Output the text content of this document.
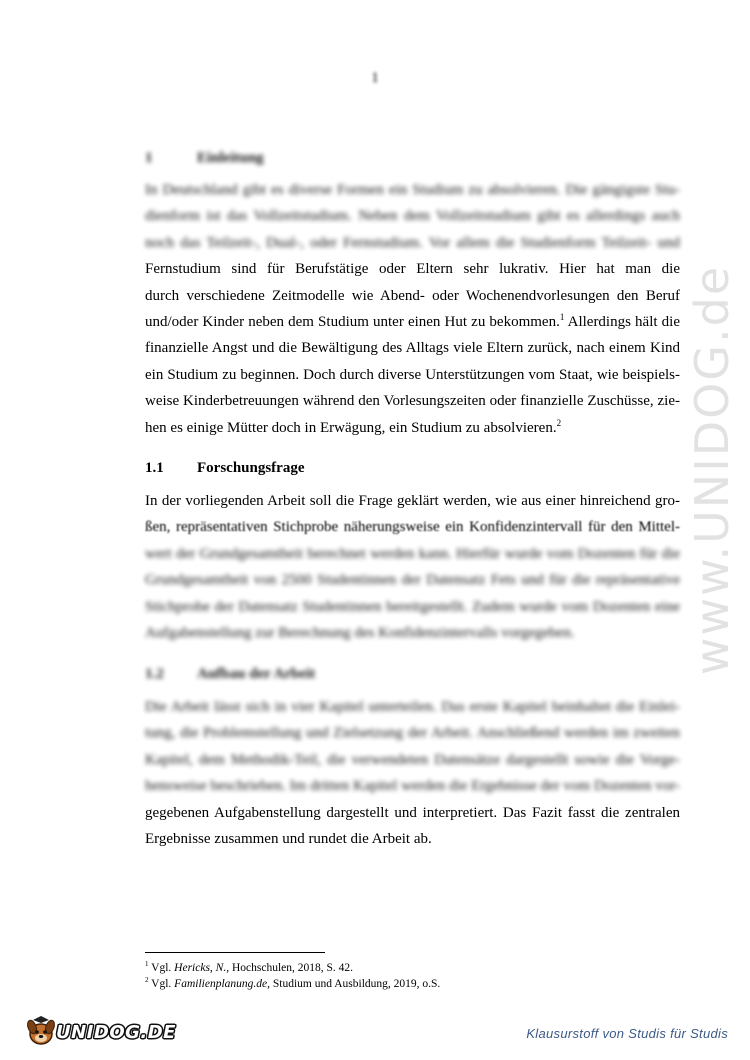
1
1	Einleitung
In Deutschland gibt es diverse Formen ein Studium zu absolvieren. Die gängigste Stu-
dienform ist das Vollzeitstudium. Neben dem Vollzeitstudium gibt es allerdings auch
noch das Teilzeit-, Dual-, oder Fernstudium. Vor allem die Studienform Teilzeit- und
Fernstudium sind für Berufstätige oder Eltern sehr lukrativ. Hier hat man die
durch verschiedene Zeitmodelle wie Abend- oder Wochenendvorlesungen den Beruf
und/oder Kinder neben dem Studium unter einen Hut zu bekommen.$^1$ Allerdings hält die
finanzielle Angst und die Bewältigung des Alltags viele Eltern zurück, nach einem Kind
ein Studium zu beginnen. Doch durch diverse Unterstützungen vom Staat, wie beispiels-
weise Kinderbetreuungen während den Vorlesungszeiten oder finanzielle Zuschüsse, zie-
hen es einige Mütter doch in Erwägung, ein Studium zu absolvieren.$^2$
1.1 Forschungsfrage
In der vorliegenden Arbeit soll die Frage geklärt werden, wie aus einer hinreichend gro-
ßen, repräsentativen Stichprobe näherungsweise ein Konfidenzintervall für den Mittel-
wert der Grundgesamtheit berechnet werden kann. Hierfür wurde vom Dozenten für die
Grundgesamtheit von 2500 Studentinnen der Datensatz Fets und für die repräsentative
Stichprobe der Datensatz Studentinnen bereitgestellt. Zudem wurde vom Dozenten eine
Aufgabenstellung zur Berechnung des Konfidenzintervalls vorgegeben.
1.2 Aufbau der Arbeit
Die Arbeit lässt sich in vier Kapitel unterteilen. Das erste Kapitel beinhaltet die Einlei-
tung, die Problemstellung und Zielsetzung der Arbeit. Anschließend werden im zweiten
Kapitel, dem Methodik-Teil, die verwendeten Datensätze dargestellt sowie die Vorge-
hensweise beschrieben. Im dritten Kapitel werden die Ergebnisse der vom Dozenten vor-
gegebenen Aufgabenstellung dargestellt und interpretiert. Das Fazit fasst die zentralen
Ergebnisse zusammen und rundet die Arbeit ab.
$^1$ Vgl. Hericks, N., Hochschulen, 2018, S. 42.
$^2$ Vgl. Familienplanung.de, Studium und Ausbildung, 2019, o.S.
www.UNIDOG.de
UNIDOG.DE	Klausurstoff von Studis für Studis
